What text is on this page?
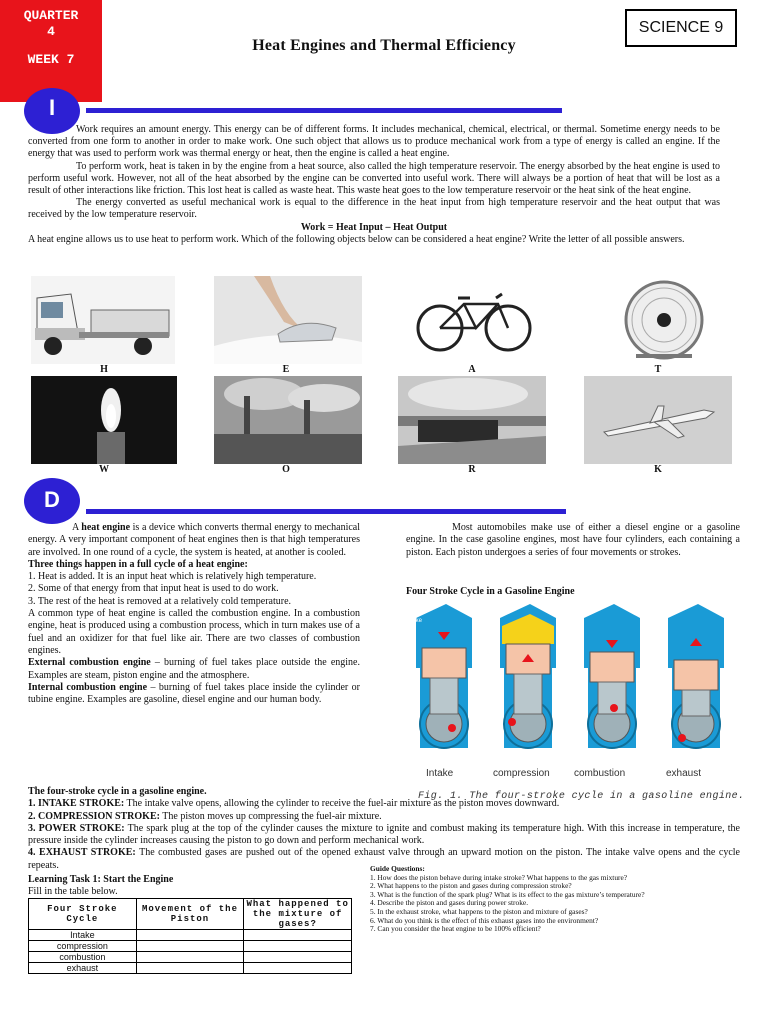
QUARTER
4
WEEK 7
SCIENCE 9
Heat Engines and Thermal Efficiency
I

Work requires an amount energy. This energy can be of different forms. It includes mechanical, chemical, electrical, or thermal. Sometime energy needs to be converted from one form to another in order to make work. One such object that allows us to produce mechanical work from a type of energy is called an engine. If the energy that was used to perform work was thermal energy or heat, then the engine is called a heat engine.

To perform work, heat is taken in by the engine from a heat source, also called the high temperature reservoir. The energy absorbed by the heat engine is used to perform useful work. However, not all of the heat absorbed by the engine can be converted into useful work. There will always be a portion of heat that will be lost as a result of other interactions like friction. This lost heat is called as waste heat. This waste heat goes to the low temperature reservoir or the heat sink of the heat engine.

The energy converted as useful mechanical work is equal to the difference in the heat input from high temperature reservoir and the heat output that was received by the low temperature reservoir.

Work = Heat Input – Heat Output

A heat engine allows us to use heat to perform work. Which of the following objects below can be considered a heat engine? Write the letter of all possible answers.

H	E	A	T
W	O	R	K
D

A heat engine is a device which converts thermal energy to mechanical energy. A very important component of heat engines then is that high temperatures are involved. In one round of a cycle, the system is heated, at another is cooled.

Three things happen in a full cycle of a heat engine:

1. Heat is added. It is an input heat which is relatively high temperature.

2. Some of that energy from that input heat is used to do work.

3. The rest of the heat is removed at a relatively cold temperature.

A common type of heat engine is called the combustion engine. In a combustion engine, heat is produced using a combustion process, which in turn makes use of a fuel and an oxidizer for that fuel like air. There are two classes of combustion engines.

External combustion engine – burning of fuel takes place outside the engine. Examples are steam, piston engine and the atmosphere.

Internal combustion engine – burning of fuel takes place inside the cylinder or tubine engine. Examples are gasoline, diesel engine and our human body.

Most automobiles make use of either a diesel engine or a gasoline engine. In the case gasoline engines, most have four cylinders, each containing a piston. Each piston undergoes a series of four movements or strokes.

Four Stroke Cycle in a Gasoline Engine
intake
Intake	compression combustion	exhaust
Fig. 1. The four-stroke cycle in a gasoline engine.

The four-stroke cycle in a gasoline engine.

1. INTAKE STROKE: The intake valve opens, allowing the cylinder to receive the fuel-air mixture as the piston moves downward.

2. COMPRESSION STROKE: The piston moves up compressing the fuel-air mixture.

3. POWER STROKE: The spark plug at the top of the cylinder causes the mixture to ignite and combust making its temperature high. With this increase in temperature, the pressure inside the cylinder increases causing the piston to go down and perform mechanical work.

4. EXHAUST STROKE: The combusted gases are pushed out of the opened exhaust valve through an upward motion on the piston. The intake valve opens and the cycle repeats.

Learning Task 1: Start the Engine
Fill in the table below.
Four Stroke Cycle	Movement of the Piston	What happened to the mixture of gases?
Intake		
compression		
combustion		
exhaust		
Guide Questions:
1. How does the piston behave during intake stroke? What happens to the gas mixture?
2. What happens to the piston and gases during compression stroke?
3. What is the function of the spark plug? What is its effect to the gas mixture’s temperature?
4. Describe the piston and gases during power stroke.
5. In the exhaust stroke, what happens to the piston and mixture of gases?
6. What do you think is the effect of this exhaust gases into the environment?
7. Can you consider the heat engine to be 100% efficient?
